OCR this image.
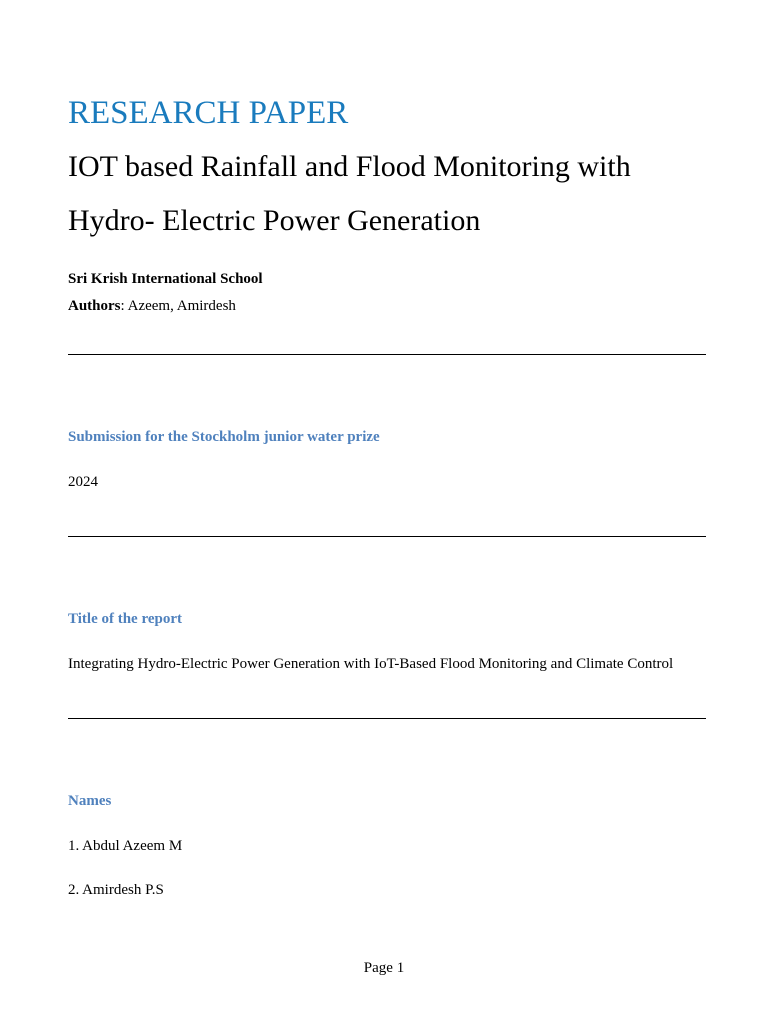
RESEARCH PAPER
IOT based Rainfall and Flood Monitoring with
Hydro- Electric Power Generation
Sri Krish International School
Authors: Azeem, Amirdesh
Submission for the Stockholm junior water prize
2024
Title of the report
Integrating Hydro-Electric Power Generation with IoT-Based Flood Monitoring and Climate Control
Names
1. Abdul Azeem M
2. Amirdesh P.S
Page 1
